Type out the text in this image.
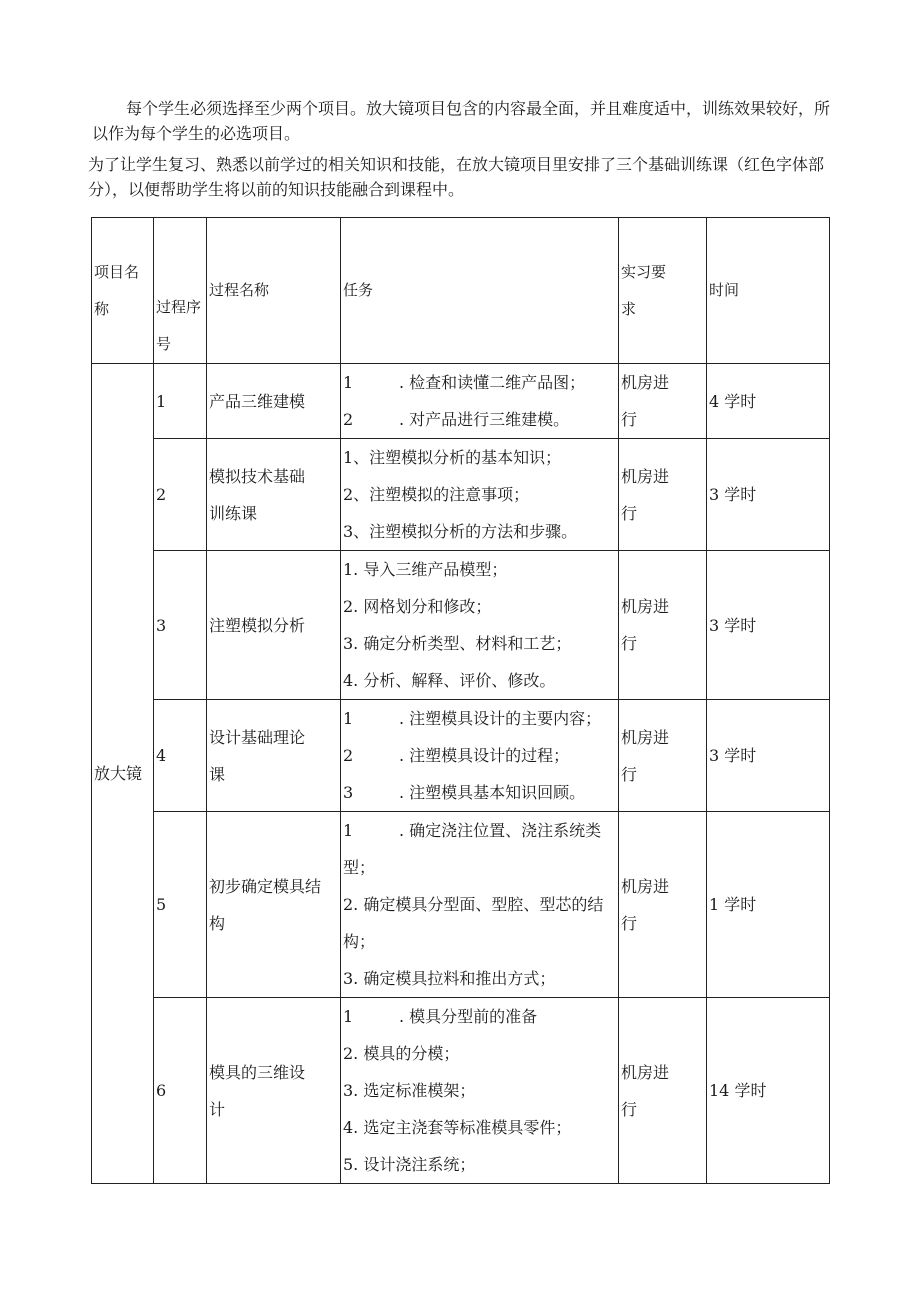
每个学生必须选择至少两个项目。放大镜项目包含的内容最全面，并且难度适中，训练效果较好，所以作为每个学生的必选项目。

为了让学生复习、熟悉以前学过的相关知识和技能，在放大镜项目里安排了三个基础训练课（红色字体部分），以便帮助学生将以前的知识技能融合到课程中。

项目名
称	过程序
号	过程名称	任务	实习要
求	时间
放大镜	1	产品三维建模	1 . 检查和读懂二维产品图；
2 . 对产品进行三维建模。	机房进
行	4 学时
	2	模拟技术基础
训练课	1、注塑模拟分析的基本知识；
2、注塑模拟的注意事项；
3、注塑模拟分析的方法和步骤。	机房进
行	3 学时
	3	注塑模拟分析	1. 导入三维产品模型；
2. 网格划分和修改；
3. 确定分析类型、材料和工艺；
4. 分析、解释、评价、修改。	机房进
行	3 学时
	4	设计基础理论
课	1 . 注塑模具设计的主要内容；
2 . 注塑模具设计的过程；
3 . 注塑模具基本知识回顾。	机房进
行	3 学时
	5	初步确定模具结
构	1 . 确定浇注位置、浇注系统类
型；
2. 确定模具分型面、型腔、型芯的结
构；
3. 确定模具拉料和推出方式；	机房进
行	1 学时
	6	模具的三维设
计	1 . 模具分型前的准备
2. 模具的分模；
3. 选定标准模架；
4. 选定主浇套等标准模具零件；
5. 设计浇注系统；	机房进
行	14 学时
